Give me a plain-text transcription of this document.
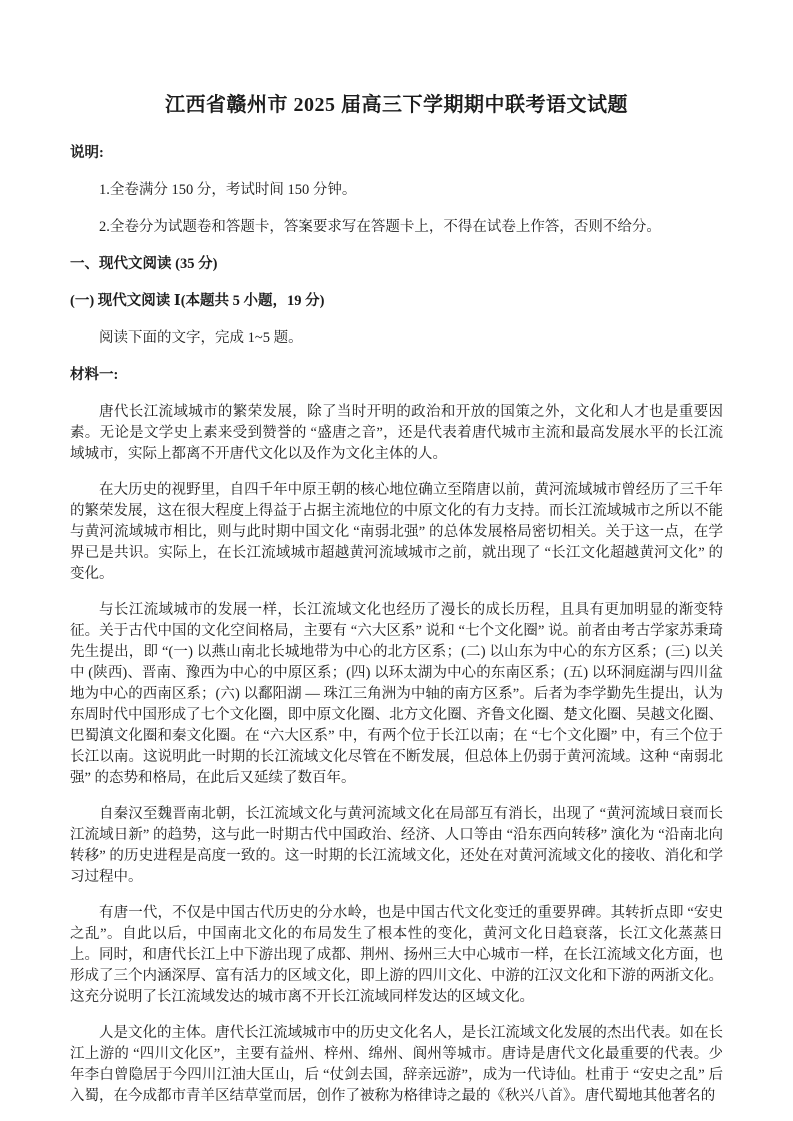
江西省赣州市 2025 届高三下学期期中联考语文试题
说明:
1.全卷满分 150 分，考试时间 150 分钟。
2.全卷分为试题卷和答题卡，答案要求写在答题卡上，不得在试卷上作答，否则不给分。
一、现代文阅读 (35 分)
(一) 现代文阅读 Ⅰ(本题共 5 小题，19 分)
阅读下面的文字，完成 1~5 题。
材料一:

唐代长江流域城市的繁荣发展，除了当时开明的政治和开放的国策之外，文化和人才也是重要因素。无论是文学史上素来受到赞誉的 “盛唐之音”，还是代表着唐代城市主流和最高发展水平的长江流域城市，实际上都离不开唐代文化以及作为文化主体的人。

在大历史的视野里，自四千年中原王朝的核心地位确立至隋唐以前，黄河流域城市曾经历了三千年的繁荣发展，这在很大程度上得益于占据主流地位的中原文化的有力支持。而长江流域城市之所以不能与黄河流域城市相比，则与此时期中国文化 “南弱北强” 的总体发展格局密切相关。关于这一点，在学界已是共识。实际上，在长江流域城市超越黄河流域城市之前，就出现了 “长江文化超越黄河文化” 的变化。

与长江流域城市的发展一样，长江流域文化也经历了漫长的成长历程，且具有更加明显的渐变特征。关于古代中国的文化空间格局，主要有 “六大区系” 说和 “七个文化圈” 说。前者由考古学家苏秉琦先生提出，即 “(一) 以燕山南北长城地带为中心的北方区系；(二) 以山东为中心的东方区系；(三) 以关中 (陕西)、晋南、豫西为中心的中原区系；(四) 以环太湖为中心的东南区系；(五) 以环洞庭湖与四川盆地为中心的西南区系；(六) 以鄱阳湖 — 珠江三角洲为中轴的南方区系”。后者为李学勤先生提出，认为东周时代中国形成了七个文化圈，即中原文化圈、北方文化圈、齐鲁文化圈、楚文化圈、吴越文化圈、巴蜀滇文化圈和秦文化圈。在 “六大区系” 中，有两个位于长江以南；在 “七个文化圈” 中，有三个位于长江以南。这说明此一时期的长江流域文化尽管在不断发展，但总体上仍弱于黄河流域。这种 “南弱北强” 的态势和格局，在此后又延续了数百年。

自秦汉至魏晋南北朝，长江流域文化与黄河流域文化在局部互有消长，出现了 “黄河流域日衰而长江流域日新” 的趋势，这与此一时期古代中国政治、经济、人口等由 “沿东西向转移” 演化为 “沿南北向转移” 的历史进程是高度一致的。这一时期的长江流域文化，还处在对黄河流域文化的接收、消化和学习过程中。

有唐一代，不仅是中国古代历史的分水岭，也是中国古代文化变迁的重要界碑。其转折点即 “安史之乱”。自此以后，中国南北文化的布局发生了根本性的变化，黄河文化日趋衰落，长江文化蒸蒸日上。同时，和唐代长江上中下游出现了成都、荆州、扬州三大中心城市一样，在长江流域文化方面，也形成了三个内涵深厚、富有活力的区域文化，即上游的四川文化、中游的江汉文化和下游的两浙文化。这充分说明了长江流域发达的城市离不开长江流域同样发达的区域文化。

人是文化的主体。唐代长江流域城市中的历史文化名人，是长江流域文化发展的杰出代表。如在长江上游的 “四川文化区”，主要有益州、梓州、绵州、阆州等城市。唐诗是唐代文化最重要的代表。少年李白曾隐居于今四川江油大匡山，后 “仗剑去国，辞亲远游”，成为一代诗仙。杜甫于 “安史之乱” 后入蜀，在今成都市青羊区结草堂而居，创作了被称为格律诗之最的《秋兴八首》。唐代蜀地其他著名的
